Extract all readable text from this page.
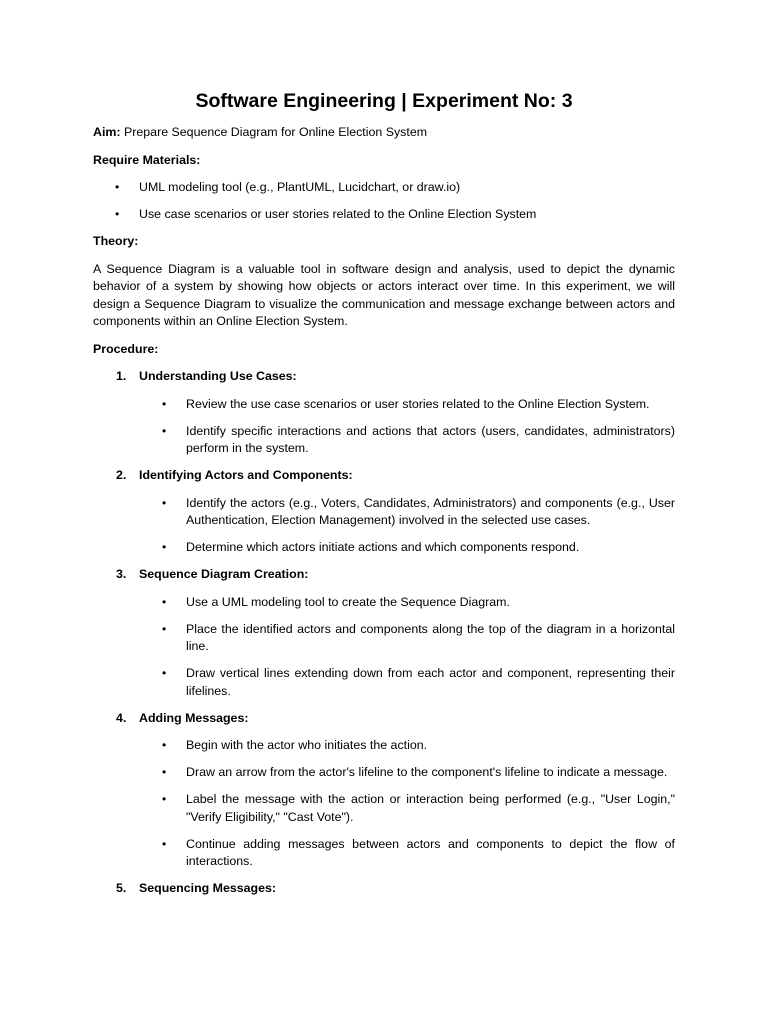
Software Engineering | Experiment No: 3

Aim: Prepare Sequence Diagram for Online Election System

Require Materials:

• UML modeling tool (e.g., PlantUML, Lucidchart, or draw.io)
• Use case scenarios or user stories related to the Online Election System

Theory:

A Sequence Diagram is a valuable tool in software design and analysis, used to depict the dynamic behavior of a system by showing how objects or actors interact over time. In this experiment, we will design a Sequence Diagram to visualize the communication and message exchange between actors and components within an Online Election System.

Procedure:

1. Understanding Use Cases:
• Review the use case scenarios or user stories related to the Online Election System.
• Identify specific interactions and actions that actors (users, candidates, administrators) perform in the system.
2. Identifying Actors and Components:
• Identify the actors (e.g., Voters, Candidates, Administrators) and components (e.g., User Authentication, Election Management) involved in the selected use cases.
• Determine which actors initiate actions and which components respond.
3. Sequence Diagram Creation:
• Use a UML modeling tool to create the Sequence Diagram.
• Place the identified actors and components along the top of the diagram in a horizontal line.
• Draw vertical lines extending down from each actor and component, representing their lifelines.
4. Adding Messages:
• Begin with the actor who initiates the action.
• Draw an arrow from the actor's lifeline to the component's lifeline to indicate a message.
• Label the message with the action or interaction being performed (e.g., "User Login," "Verify Eligibility," "Cast Vote").
• Continue adding messages between actors and components to depict the flow of interactions.
5. Sequencing Messages:
